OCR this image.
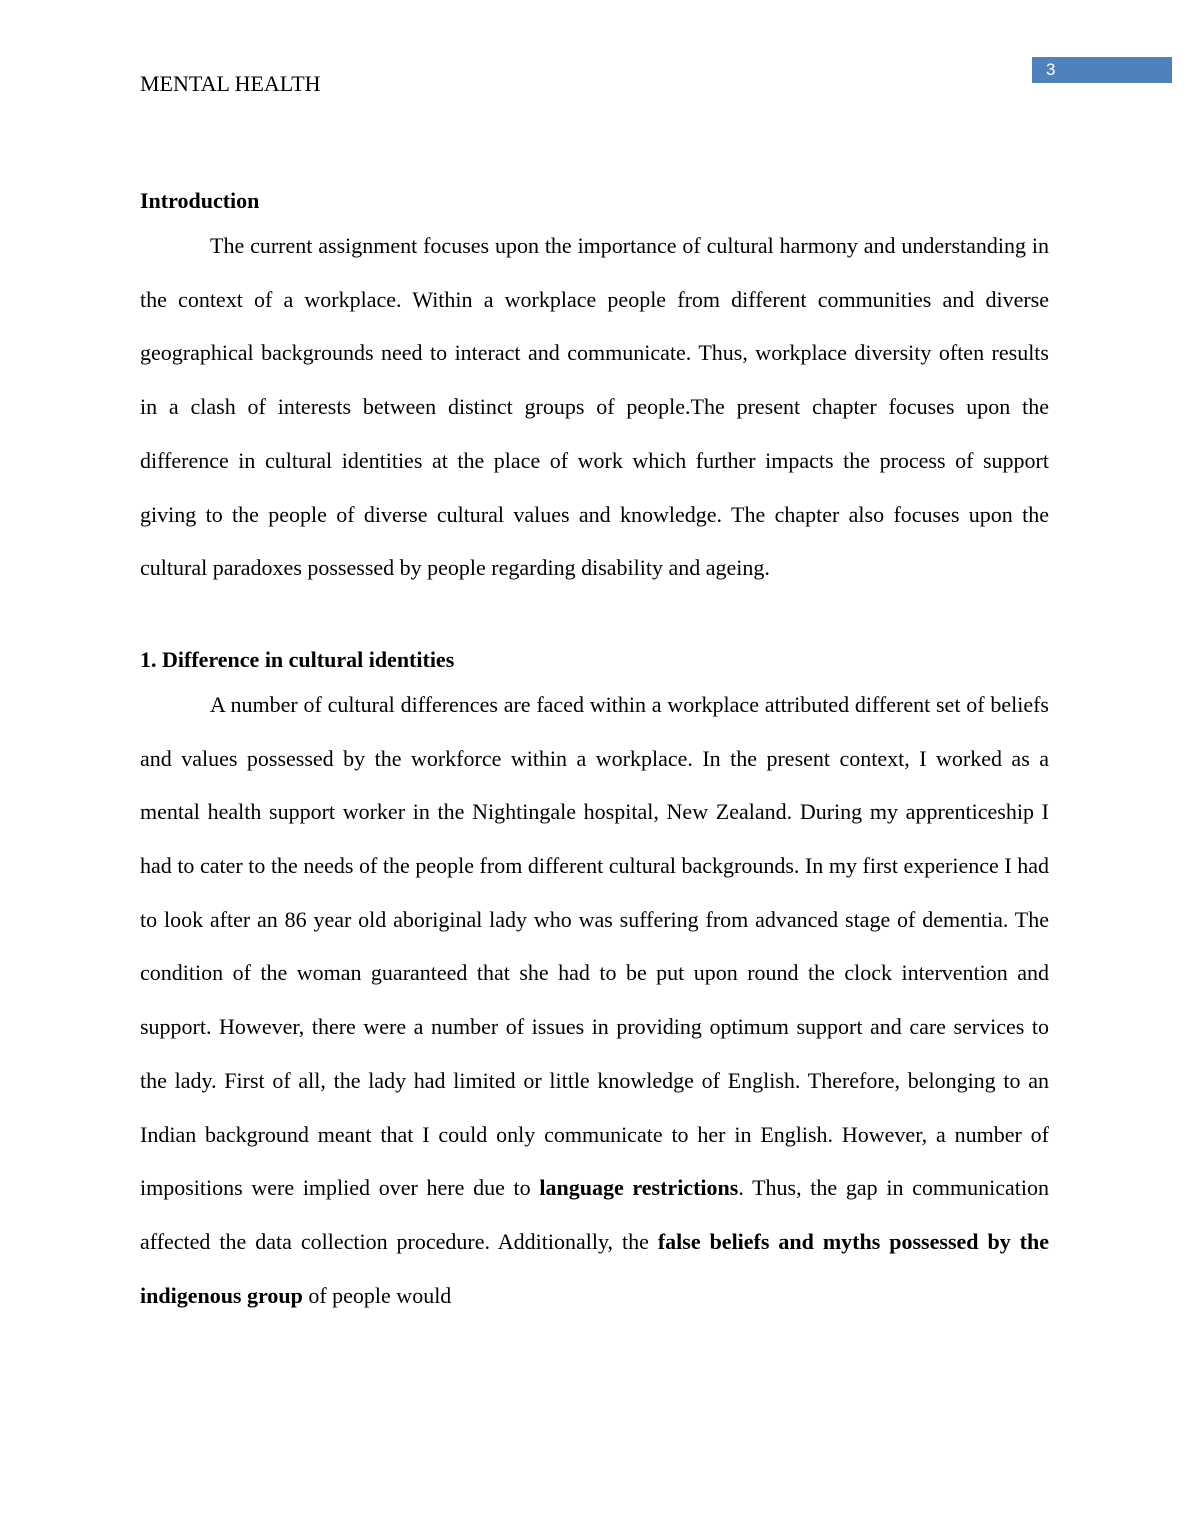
3
MENTAL HEALTH
Introduction

The current assignment focuses upon the importance of cultural harmony and understanding in the context of a workplace. Within a workplace people from different communities and diverse geographical backgrounds need to interact and communicate. Thus, workplace diversity often results in a clash of interests between distinct groups of people.The present chapter focuses upon the difference in cultural identities at the place of work which further impacts the process of support giving to the people of diverse cultural values and knowledge. The chapter also focuses upon the cultural paradoxes possessed by people regarding disability and ageing.

1. Difference in cultural identities

A number of cultural differences are faced within a workplace attributed different set of beliefs and values possessed by the workforce within a workplace. In the present context, I worked as a mental health support worker in the Nightingale hospital, New Zealand. During my apprenticeship I had to cater to the needs of the people from different cultural backgrounds. In my first experience I had to look after an 86 year old aboriginal lady who was suffering from advanced stage of dementia. The condition of the woman guaranteed that she had to be put upon round the clock intervention and support. However, there were a number of issues in providing optimum support and care services to the lady. First of all, the lady had limited or little knowledge of English. Therefore, belonging to an Indian background meant that I could only communicate to her in English. However, a number of impositions were implied over here due to language restrictions. Thus, the gap in communication affected the data collection procedure. Additionally, the false beliefs and myths possessed by the indigenous group of people would
